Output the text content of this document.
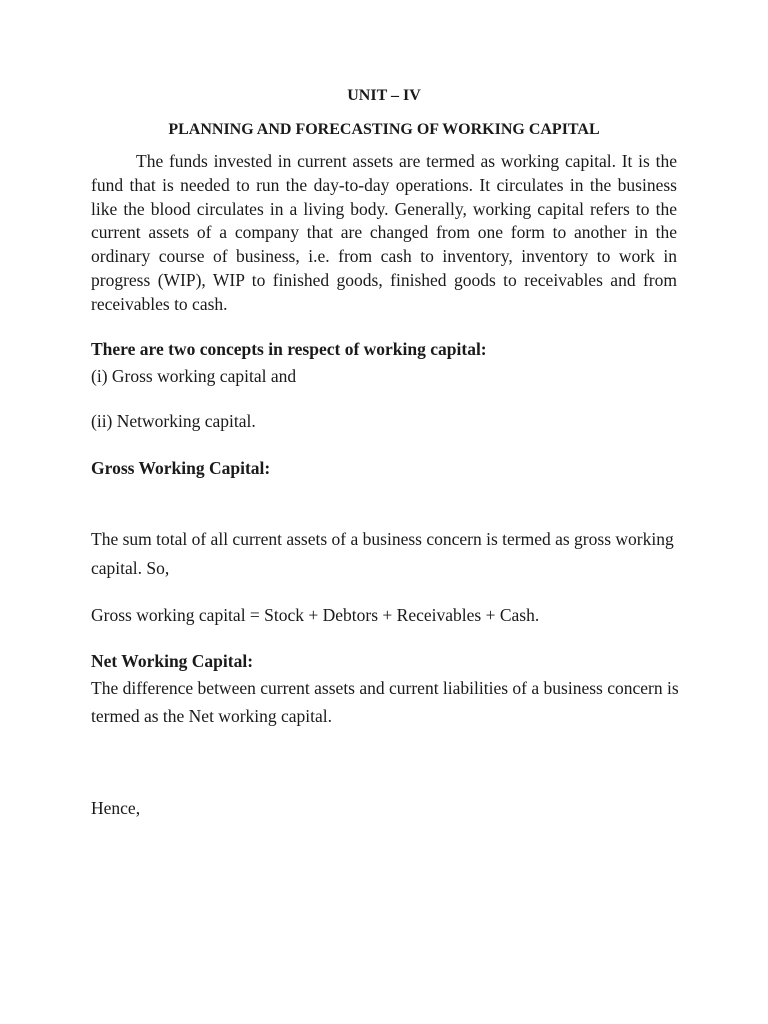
UNIT – IV

PLANNING AND FORECASTING OF WORKING CAPITAL

The funds invested in current assets are termed as working capital. It is the fund that is needed to run the day-to-day operations. It circulates in the business like the blood circulates in a living body. Generally, working capital refers to the current assets of a company that are changed from one form to another in the ordinary course of business, i.e. from cash to inventory, inventory to work in progress (WIP), WIP to finished goods, finished goods to receivables and from receivables to cash.

There are two concepts in respect of working capital:

(i) Gross working capital and

(ii) Networking capital.

Gross Working Capital:

The sum total of all current assets of a business concern is termed as gross working capital. So,

Gross working capital = Stock + Debtors + Receivables + Cash.

Net Working Capital:

The difference between current assets and current liabilities of a business concern is termed as the Net working capital.

Hence,
